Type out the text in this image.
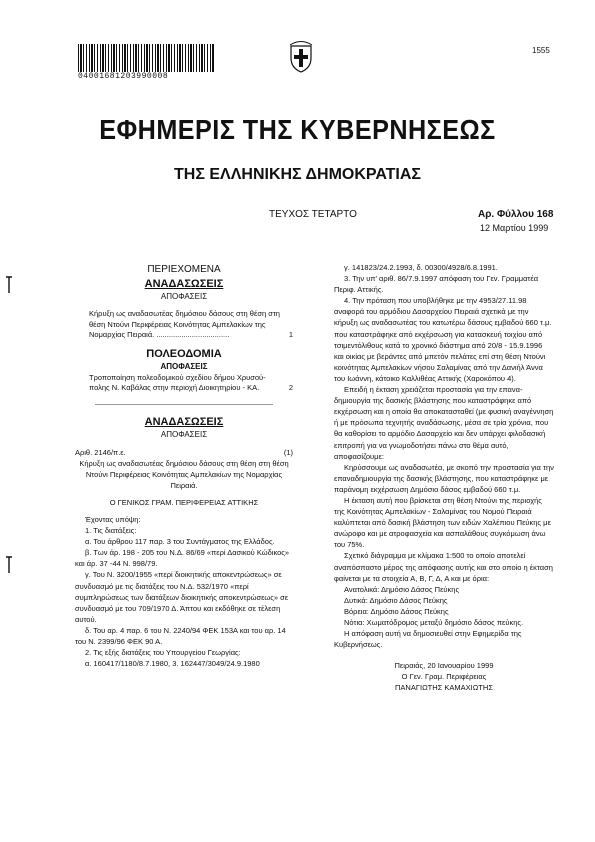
04001681203990008
1555
ΕΦΗΜΕΡΙΣ ΤΗΣ ΚΥΒΕΡΝΗΣΕΩΣ
ΤΗΣ ΕΛΛΗΝΙΚΗΣ ΔΗΜΟΚΡΑΤΙΑΣ
ΤΕΥΧΟΣ ΤΕΤΑΡΤΟ	Αρ. Φύλλου 168
12 Μαρτίου 1999
ΠΕΡΙΕΧΟΜΕΝΑ
ΑΝΑΔΑΣΩΣΕΙΣ
ΑΠΟΦΑΣΕΙΣ
Κήρυξη ως αναδασωτέας δημόσιου δάσους στη θέση στη θέση Ντούνι Περιφέρειας Κοινότητας Αμπελακίων της Νομαρχίας Πειραιά. ...................................	1
ΠΟΛΕΟΔΟΜΙΑ
ΑΠΟΦΑΣΕΙΣ
Τροποποίηση πολεοδομικού σχεδίου δήμου Χρυσούπολης Ν. Καβάλας στην περιοχή Διοικητηρίου - ΚΑ.	2
ΑΝΑΔΑΣΩΣΕΙΣ
ΑΠΟΦΑΣΕΙΣ
Αριθ. 2146/π.ε.	(1)

Κήρυξη ως αναδασωτέας δημόσιου δάσους στη θέση στη θέση Ντούνι Περιφέρειας Κοινότητας Αμπελακίων της Νομαρχίας Πειραιά.

Ο ΓΕΝΙΚΟΣ ΓΡΑΜ. ΠΕΡΙΦΕΡΕΙΑΣ ΑΤΤΙΚΗΣ

Έχοντας υπόψη:

1. Τις διατάξεις:

α. Του άρθρου 117 παρ. 3 του Συντάγματος της Ελλάδος.

β. Των άρ. 198 - 205 του Ν.Δ. 86/69 «περί Δασικού Κώδικος» και άρ. 37 -44 Ν. 998/79.

γ. Του Ν. 3200/1955 «περί διοικητικής αποκεντρώσεως» σε συνδυασμό με τις διατάξεις του Ν.Δ. 532/1970 «περί συμπληρώσεως των διατάξεων διοικητικής αποκεντρώσεως» σε συνδυασμό με του 709/1970 Δ. Άπτου και εκδόθηκε σε τέλεση αυτού.

δ. Του αρ. 4 παρ. 6 του Ν. 2240/94 ΦΕΚ 153Α και του αρ. 14 του Ν. 2399/96 ΦΕΚ 90 Α.

2. Τις εξής διατάξεις του Υπουργείου Γεωργίας:

α. 160417/1180/8.7.1980, 3. 162447/3049/24.9.1980

γ. 141823/24.2.1993, δ. 00300/4928/6.8.1991.

3. Την υπ' αριθ. 86/7.9.1997 απόφαση του Γεν. Γραμματέα Περιφ. Αττικής.

4. Την πρόταση που υποβλήθηκε με την 4953/27.11.98 αναφορά του αρμόδιου Δασαρχείου Πειραιά σχετικά με την κήρυξη ως αναδασωτέας του κατωτέρω δάσους εμβαδού 660 τ.μ. που καταστράφηκε από εκχέρσωση για κατασκευή τοιχίου από τσιμεντόλιθους κατά το χρονικό διάστημα από 20/8 - 15.9.1996 και οικίας με βεράντες από μπετόν πελάτες επί στη θέση Ντούνι κοινότητας Αμπελακίων νήσου Σαλαμίνας από την Δανιήλ Άννα του Ιωάννη, κάτοικο Καλλιθέας Αττικής (Χαροκόπου 4).

Επειδή η έκταση χρειάζεται προστασία για την επαναδημιουργία της δασικής βλάστησης που καταστράφηκε από εκχέρσωση και η οποία θα αποκατασταθεί (με φυσική αναγέννηση ή με πρόσωπα τεχνητής αναδάσωσης, μέσα σε τρία χρόνια, που θα καθορίσει το αρμόδιο Δασαρχείο και δεν υπάρχει φιλοδασική επιτροπή για να γνωμοδοτήσει πάνω στο θέμα αυτό, αποφασίζουμε:

Κηρύσσουμε ως αναδασωτέα, με σκοπό την προστασία για την επαναδημιουργία της δασικής βλάστησης, που καταστράφηκε με παράνομη εκχέρσωση Δημόσιο δάσος εμβαδού 660 τ.μ.

Η έκταση αυτή που βρίσκεται στη θέση Ντούνι της περιοχής της Κοινότητας Αμπελακίων - Σαλαμίνας του Νομού Πειραιά καλύπτεται από δασική βλάστηση των ειδών Χαλέπιου Πεύκης με ανώροφο και με ατροφασχεία και ασπαλάθους συγκόμωση άνω του 75%.

Σχετικό διάγραμμα με κλίμακα 1:500 το οποίο αποτελεί αναπόσπαστο μέρος της απόφασης αυτής και στο οποίο η έκταση φαίνεται με τα στοιχεία Α, Β, Γ, Δ, Α και με όρια:

Ανατολικά: Δημόσιο Δάσος Πεύκης

Δυτικά: Δημόσιο Δάσος Πεύκης

Βόρεια: Δημόσιο Δάσος Πεύκης

Νότια: Χωματόδρομος μεταξύ δημόσιο δάσος πεύκης.

Η απόφαση αυτή να δημοσιευθεί στην Εφημερίδα της Κυβερνήσεως.

Πειραιάς, 20 Ιανουαρίου 1999
Ο Γεν. Γραμ. Περιφέρειας
ΠΑΝΑΓΙΩΤΗΣ ΚΑΜΑΧΙΩΤΗΣ
